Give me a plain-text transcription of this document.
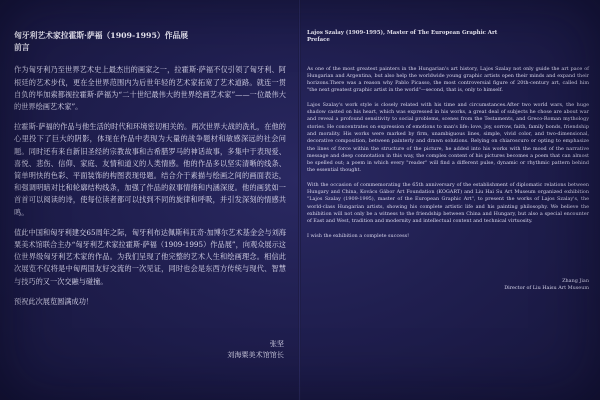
匈牙利艺术家拉霍斯·萨福（1909-1995）作品展
前言

作为匈牙利乃至世界艺术史上最杰出的画家之一，拉霍斯·萨福不仅引领了匈牙利、阿根廷的艺术步伐，更在全世界范围内为后世年轻的艺术家拓宽了艺术道路。就连一贯自负的毕加索都视拉霍斯·萨福为“二十世纪最伟大的世界绘画艺术家”——一位最伟大的世界绘画艺术家”。

拉霍斯·萨福的作品与他生活的时代和环境密切相关的。两次世界大战的洗礼，在他的心里投下了巨大的阴影，体现在作品中表现为大量的战争题材和敏感深远的社会问题。同时还有来自新旧圣经的宗教故事和古希腊罗马的神话故事，多集中于表现爱、喜悦、悲伤、信仰、家庭、友情和道义的人类情感。他的作品多以坚实清晰的线条、简单明快的色彩、平面装饰的构图表现母题。结合介于素描与绘画之间的画面表达，和强调明暗对比和轮廓结构线条，加强了作品的叙事情绪和内涵深度。他的画犹如一首首可以阅读的诗，使每位读者都可以找到不同的旋律和呼吸，并引发深刻的情感共鸣。

值此中国和匈牙利建交65周年之际，匈牙利布达佩斯科瓦奇·加博尔艺术基金会与刘海粟美术馆联合主办“匈牙利艺术家拉霍斯·萨福（1909-1995）作品展”，向观众展示这位世界级匈牙利艺术家的作品。为我们呈现了他完整的艺术人生和绘画理念。相信此次展览不仅将是中匈两国友好交流的一次见证，同时也会是东西方传统与现代、智慧与技巧的又一次交融与碰撞。

预祝此次展览圆满成功！

张坚
刘海粟美术馆馆长
Lajos Szalay (1909-1995), Master of The European Graphic Art
Preface

As one of the most greatest painters in the Hungarian's art history, Lajos Szalay not only guide the art pace of Hungarian and Argentina, but also help the worldwide young graphic artists open their minds and expand their horizons.There was a reason why Pablo Picasso, the most controversial figure of 20th-century art, called him "the next greatest graphic artist in the world"—second, that is, only to himself.

Lajos Szalay's work style is closely related with his time and circumstances.After two world wars, the huge shadow casted on his heart, which was expressed in his works, a great deal of subjects he chose are about war and reveal a profound sensitivity to social problems, scenes from the Testaments, and Greco-Roman mythology stories. He concentrates on expression of emotions to man's life: love, joy, sorrow, faith, family bonds, friendship and morality. His works were marked by firm, unambiguous lines, simple, vivid color, and two-dimensional, decorative composition, between painterly and drawn solutions. Relying on chiaroscuro or opting to emphasize the lines of force within the structure of the picture, he added into his works with the mood of the narrative message and deep connotation in this way, the complex content of his pictures becomes a poem that can almost be spelled out; a poem in which every "reader" will find a different pulse, dynamic or rhythmic pattern behind the essential thought.

With the occasion of commemorating the 65th anniversary of the establishment of diplomatic relations between Hungary and China, Kovács Gábor Art Foundation (KOGART) and Liu Hai Su Art Museum organized exhibition "Lajos Szalay (1909-1995), master of the European Graphic Art", to present the works of Lajos Szalay's, the world-class Hungarian artists, showing his complete artistic life and his painting philosophy. We believe the exhibition will not only be a witness to the friendship between China and Hungary, but also a special encounter of East and West, tradition and modernity and intellectual content and technical virtuosity.

I wish the exhibition a complete success!

Zhang Jian
Director of Liu Haisu Art Museum
